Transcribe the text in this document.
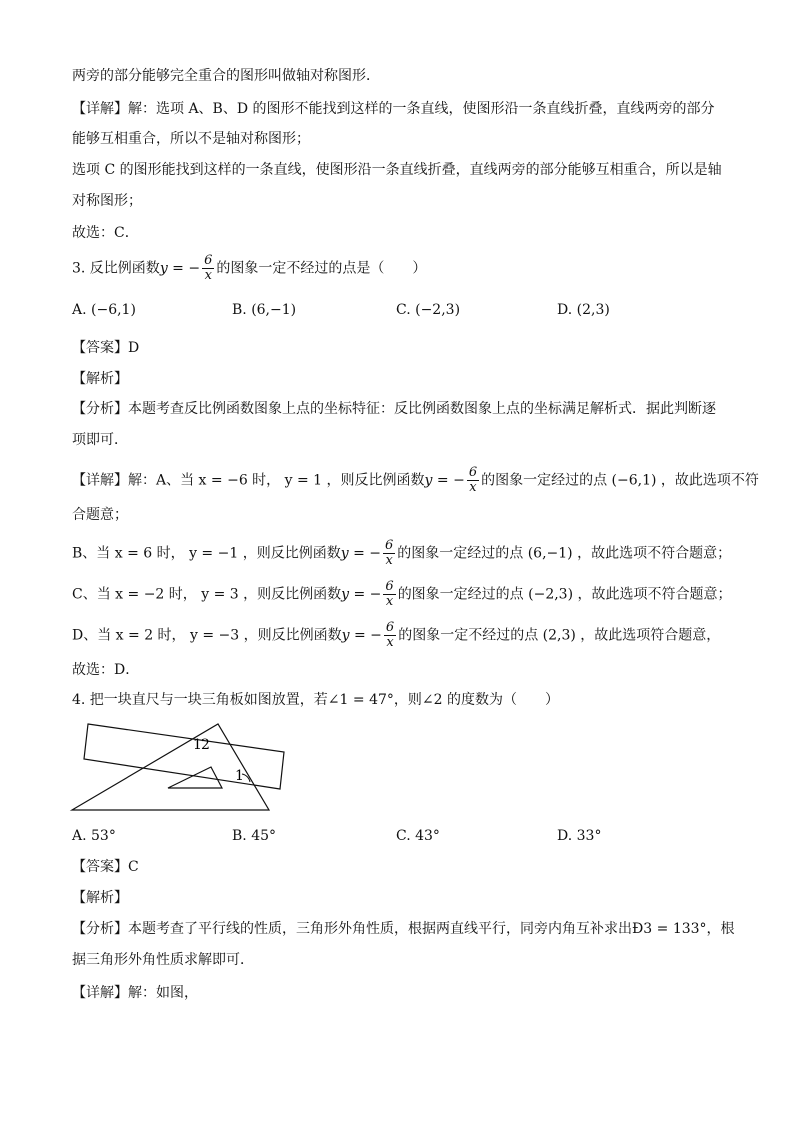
两旁的部分能够完全重合的图形叫做轴对称图形．
【详解】解：选项 A、B、D 的图形不能找到这样的一条直线，使图形沿一条直线折叠，直线两旁的部分
能够互相重合，所以不是轴对称图形；
选项 C 的图形能找到这样的一条直线，使图形沿一条直线折叠，直线两旁的部分能够互相重合，所以是轴
对称图形；
故选：C．
3. 反比例函数y = − $\frac{6}{x}$ 的图象一定不经过的点是（　　）
A. (−6,1)	B. (6,−1)	C. (−2,3)	D. (2,3)
【答案】D
【解析】
【分析】本题考查反比例函数图象上点的坐标特征：反比例函数图象上点的坐标满足解析式．据此判断逐
项即可．
【详解】解：A、当 x = −6 时， y = 1 ，则反比例函数y = − $\frac{6}{x}$ 的图象一定经过的点 (−6,1) ，故此选项不符
合题意；
B、当 x = 6 时， y = −1 ，则反比例函数y = − $\frac{6}{x}$ 的图象一定经过的点 (6,−1) ，故此选项不符合题意；
C、当 x = −2 时， y = 3 ，则反比例函数y = − $\frac{6}{x}$ 的图象一定经过的点 (−2,3) ，故此选项不符合题意；
D、当 x = 2 时， y = −3 ，则反比例函数y = − $\frac{6}{x}$ 的图象一定不经过的点 (2,3) ，故此选项符合题意，
故选：D．
4. 把一块直尺与一块三角板如图放置，若∠1 = 47°，则∠2 的度数为（　　）
1 2
1
A. 53°	B. 45°	C. 43°	D. 33°
【答案】C
【解析】
【分析】本题考查了平行线的性质，三角形外角性质，根据两直线平行，同旁内角互补求出Ð3 = 133°，根
据三角形外角性质求解即可．
【详解】解：如图，
